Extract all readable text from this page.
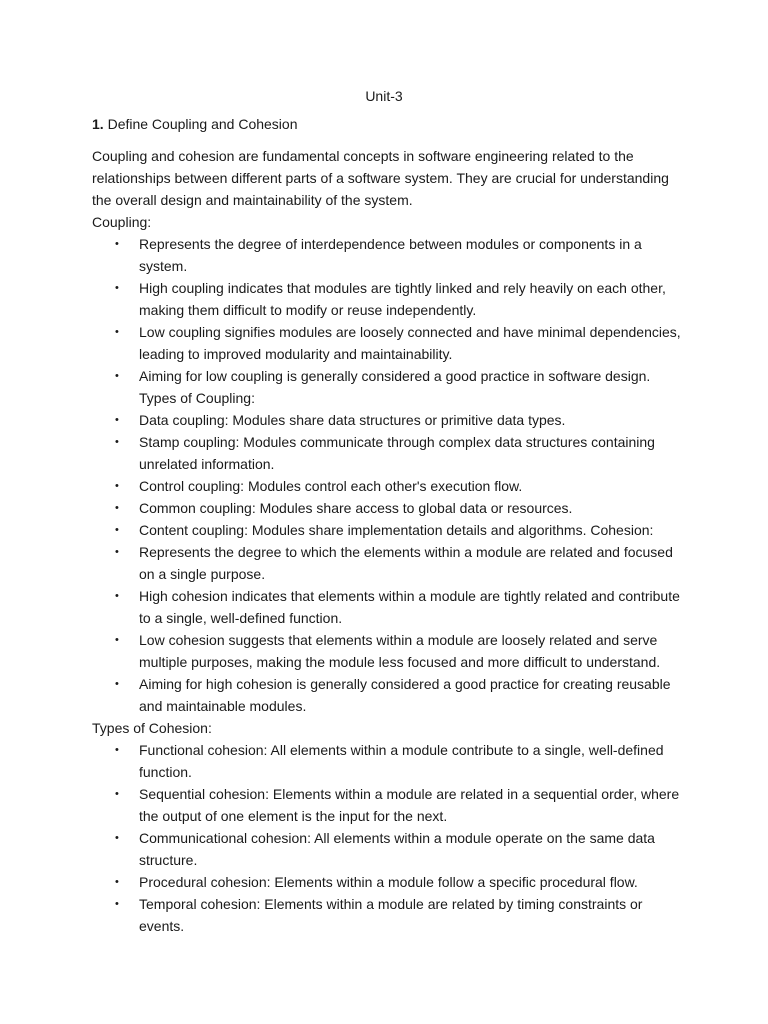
Unit-3
1. Define Coupling and Cohesion

Coupling and cohesion are fundamental concepts in software engineering related to the relationships between different parts of a software system. They are crucial for understanding the overall design and maintainability of the system.

Coupling:

• Represents the degree of interdependence between modules or components in a system.
• High coupling indicates that modules are tightly linked and rely heavily on each other, making them difficult to modify or reuse independently.
• Low coupling signifies modules are loosely connected and have minimal dependencies, leading to improved modularity and maintainability.
• Aiming for low coupling is generally considered a good practice in software design. Types of Coupling:
• Data coupling: Modules share data structures or primitive data types.
• Stamp coupling: Modules communicate through complex data structures containing unrelated information.
• Control coupling: Modules control each other's execution flow.
• Common coupling: Modules share access to global data or resources.
• Content coupling: Modules share implementation details and algorithms. Cohesion:
• Represents the degree to which the elements within a module are related and focused on a single purpose.
• High cohesion indicates that elements within a module are tightly related and contribute to a single, well-defined function.
• Low cohesion suggests that elements within a module are loosely related and serve multiple purposes, making the module less focused and more difficult to understand.
• Aiming for high cohesion is generally considered a good practice for creating reusable and maintainable modules.

Types of Cohesion:

• Functional cohesion: All elements within a module contribute to a single, well-defined function.
• Sequential cohesion: Elements within a module are related in a sequential order, where the output of one element is the input for the next.
• Communicational cohesion: All elements within a module operate on the same data structure.
• Procedural cohesion: Elements within a module follow a specific procedural flow.
• Temporal cohesion: Elements within a module are related by timing constraints or events.
